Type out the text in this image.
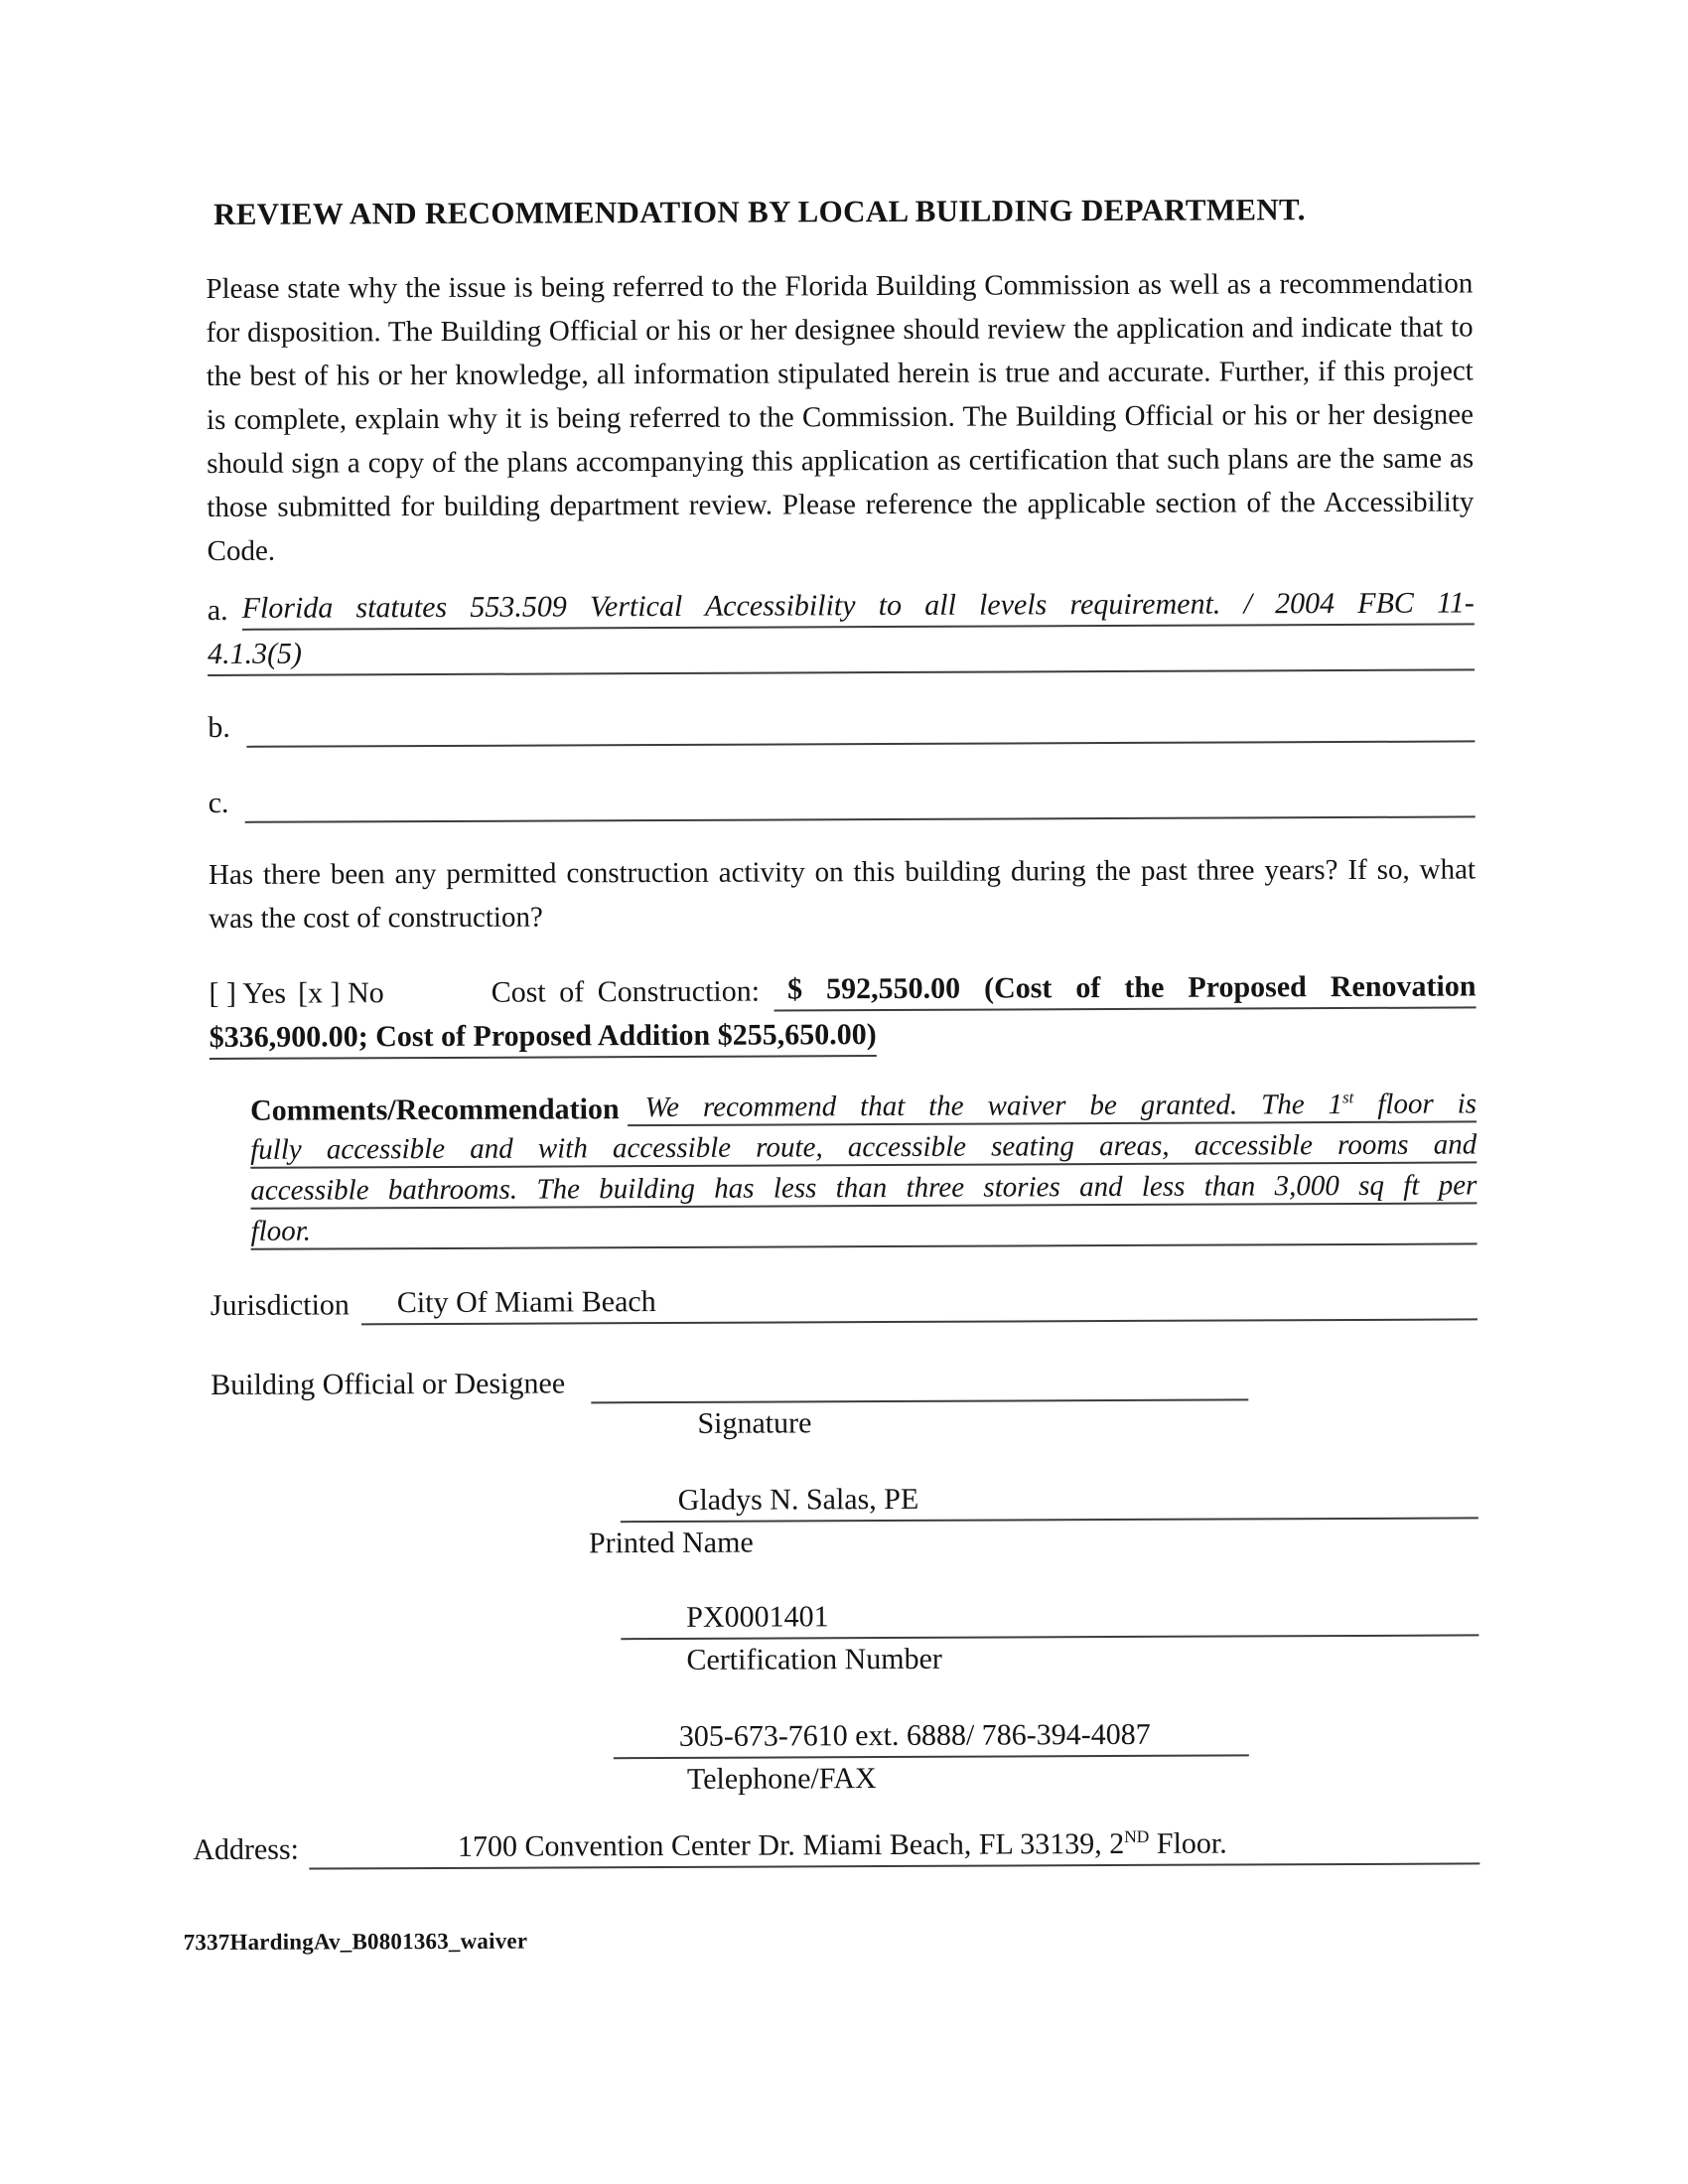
REVIEW AND RECOMMENDATION BY LOCAL BUILDING DEPARTMENT.

Please state why the issue is being referred to the Florida Building Commission as well as a recommendation for disposition. The Building Official or his or her designee should review the application and indicate that to the best of his or her knowledge, all information stipulated herein is true and accurate. Further, if this project is complete, explain why it is being referred to the Commission. The Building Official or his or her designee should sign a copy of the plans accompanying this application as certification that such plans are the same as those submitted for building department review. Please reference the applicable section of the Accessibility Code.

a. Florida statutes 553.509 Vertical Accessibility to all levels requirement. / 2004 FBC 11-
4.1.3(5)
b.
c.

Has there been any permitted construction activity on this building during the past three years? If so, what was the cost of construction?

[ ] Yes [x ] No	Cost of Construction: $ 592,550.00 (Cost of the Proposed Renovation
$336,900.00; Cost of Proposed Addition $255,650.00)
Comments/Recommendation We recommend that the waiver be granted. The 1st floor is
fully accessible and with accessible route, accessible seating areas, accessible rooms and
accessible bathrooms. The building has less than three stories and less than 3,000 sq ft per
floor.
Jurisdiction	City Of Miami Beach
Building Official or Designee
Signature
Gladys N. Salas, PE
Printed Name
PX0001401
Certification Number
305-673-7610 ext. 6888/ 786-394-4087
Telephone/FAX
Address:	1700 Convention Center Dr. Miami Beach, FL 33139, 2ND Floor.
7337HardingAv_B0801363_waiver
